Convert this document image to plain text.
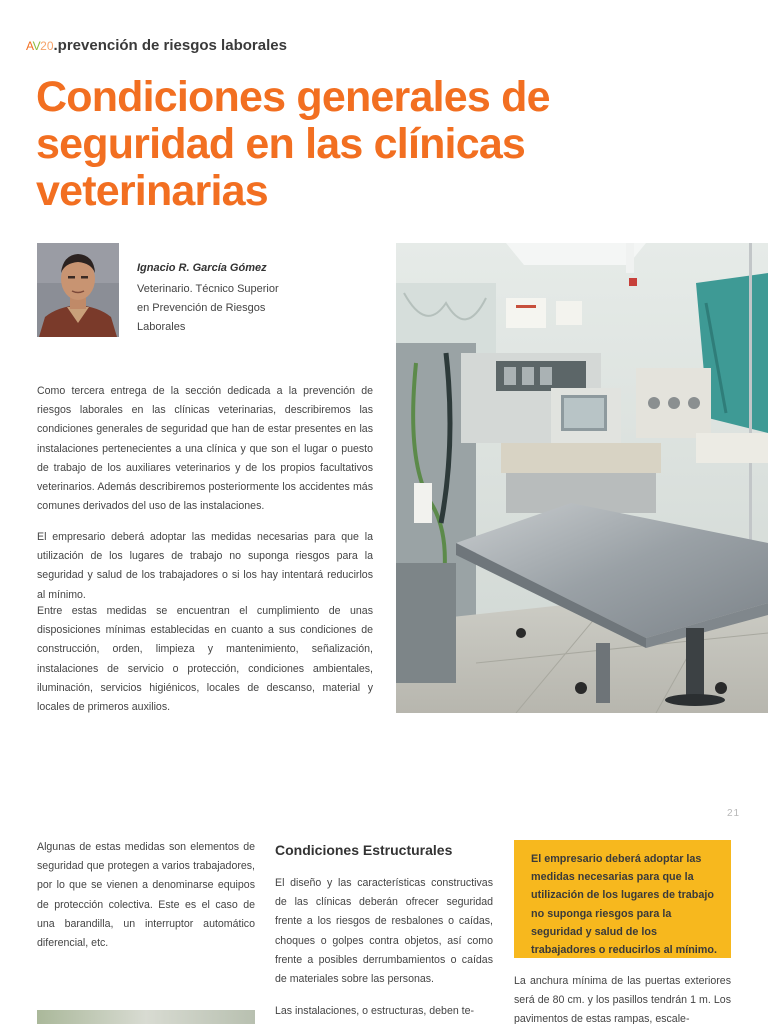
AV20.prevención de riesgos laborales
Condiciones generales de
seguridad en las clínicas
veterinarias
Ignacio R. García Gómez
Veterinario. Técnico Superior
en Prevención de Riesgos
Laborales

Como tercera entrega de la sección dedicada a la prevención de riesgos laborales en las clínicas veterinarias, describiremos las condiciones generales de seguridad que han de estar presentes en las instalaciones pertenecientes a una clínica y que son el lugar o puesto de trabajo de los auxiliares veterinarios y de los propios facultativos veterinarios. Además describiremos posteriormente los accidentes más comunes derivados del uso de las instalaciones.

El empresario deberá adoptar las medidas necesarias para que la utilización de los lugares de trabajo no suponga riesgos para la seguridad y salud de los trabajadores o si los hay intentará reducirlos al mínimo.

Entre estas medidas se encuentran el cumplimiento de unas disposiciones mínimas establecidas en cuanto a sus condiciones de construcción, orden, limpieza y mantenimiento, señalización, instalaciones de servicio o protección, condiciones ambientales, iluminación, servicios higiénicos, locales de descanso, material y locales de primeros auxilios.

21

Algunas de estas medidas son elementos de seguridad que protegen a varios trabajadores, por lo que se vienen a denominarse equipos de protección colectiva. Este es el caso de una barandilla, un interruptor automático diferencial, etc.

Condiciones Estructurales

El diseño y las características constructivas de las clínicas deberán ofrecer seguridad frente a los riesgos de resbalones o caídas, choques o golpes contra objetos, así como frente a posibles derrumbamientos o caídas de materiales sobre las personas.

Las instalaciones, o estructuras, deben te-

El empresario deberá adoptar las medidas necesarias para que la utilización de los lugares de trabajo no suponga riesgos para la seguridad y salud de los trabajadores o reducirlos al mínimo.

La anchura mínima de las puertas exteriores será de 80 cm. y los pasillos tendrán 1 m. Los pavimentos de estas rampas, escale-
